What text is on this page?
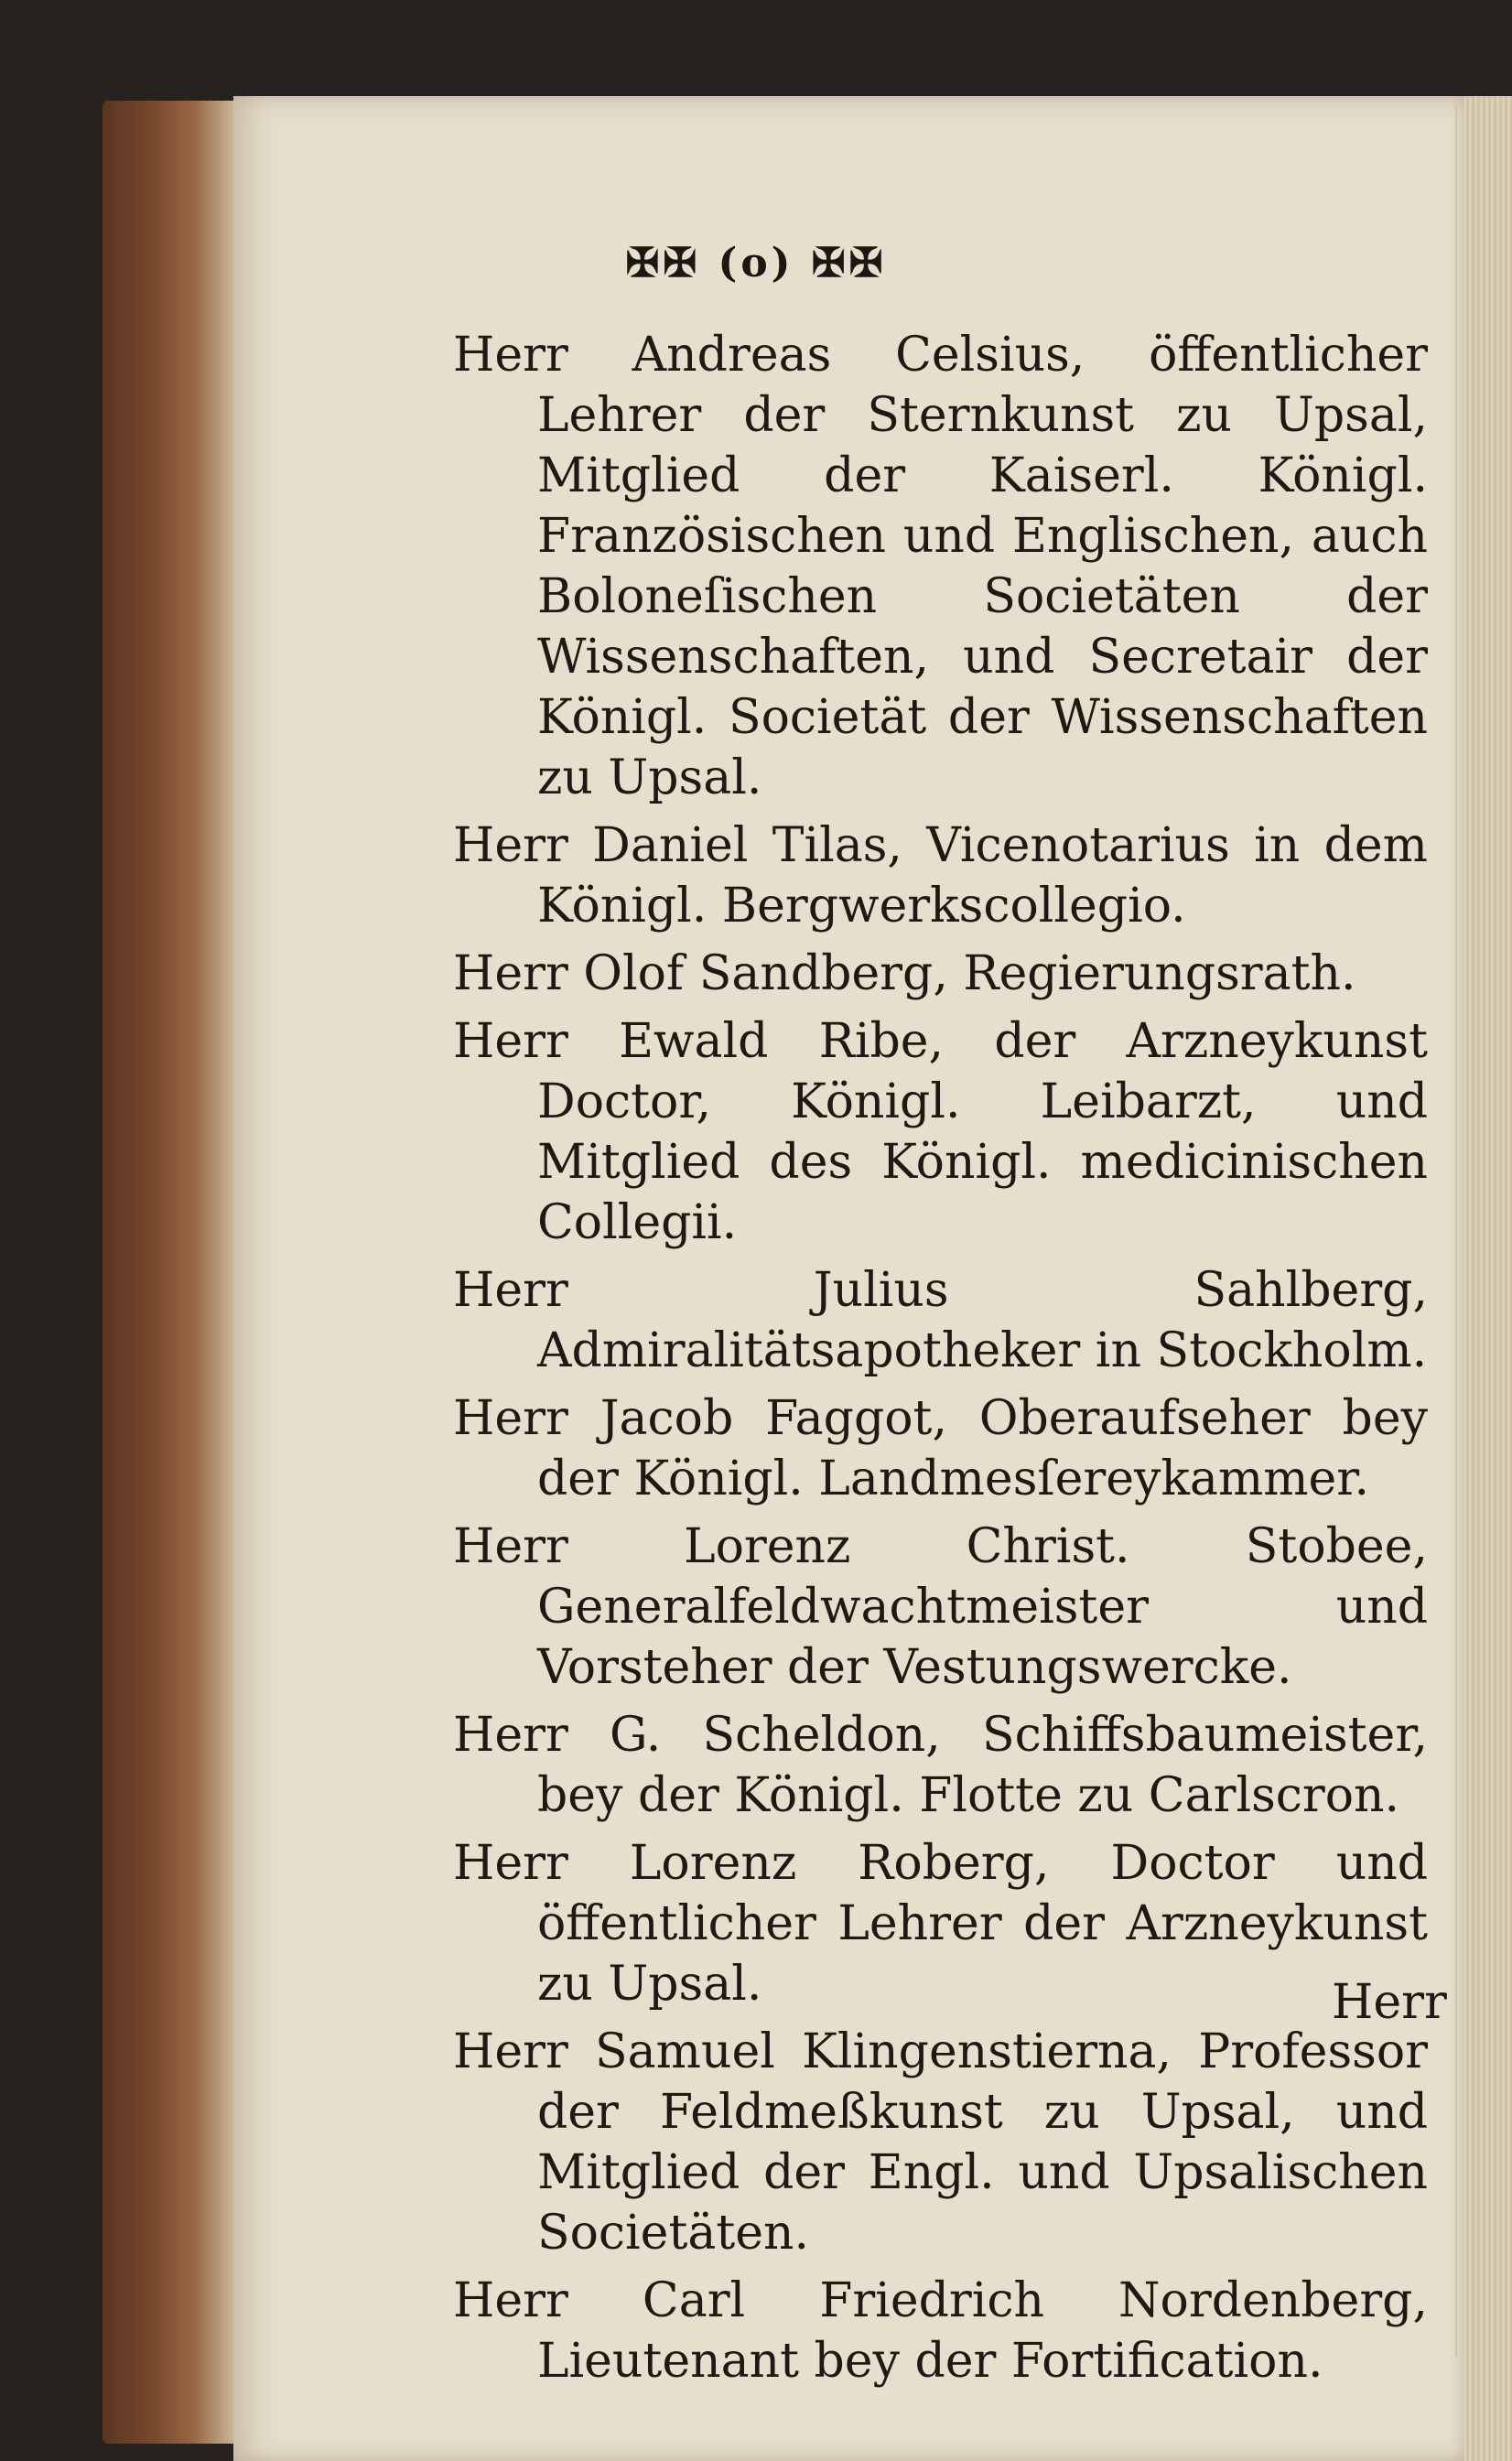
✠✠ (o) ✠✠

Herr Andreas Celsius, öffentlicher Lehrer der Sternkunst zu Upsal, Mitglied der Kaiserl. Königl. Französischen und Englischen, auch Boloneſischen Societäten der Wissenschaften, und Secretair der Königl. Societät der Wissenschaften zu Upsal.

Herr Daniel Tilas, Vicenotarius in dem Königl. Bergwerkscollegio.

Herr Olof Sandberg, Regierungsrath.

Herr Ewald Ribe, der Arzneykunst Doctor, Königl. Leibarzt, und Mitglied des Königl. medicinischen Collegii.

Herr Julius Sahlberg, Admiralitätsapotheker in Stockholm.

Herr Jacob Faggot, Oberaufseher bey der Königl. Landmesſereykammer.

Herr Lorenz Christ. Stobee, Generalfeldwachtmeister und Vorsteher der Vestungswercke.

Herr G. Scheldon, Schiffsbaumeister, bey der Königl. Flotte zu Carlscron.

Herr Lorenz Roberg, Doctor und öffentlicher Lehrer der Arzneykunst zu Upsal.

Herr Samuel Klingenstierna, Professor der Feldmeßkunst zu Upsal, und Mitglied der Engl. und Upsalischen Societäten.

Herr Carl Friedrich Nordenberg, Lieutenant bey der Fortification.

Herr
